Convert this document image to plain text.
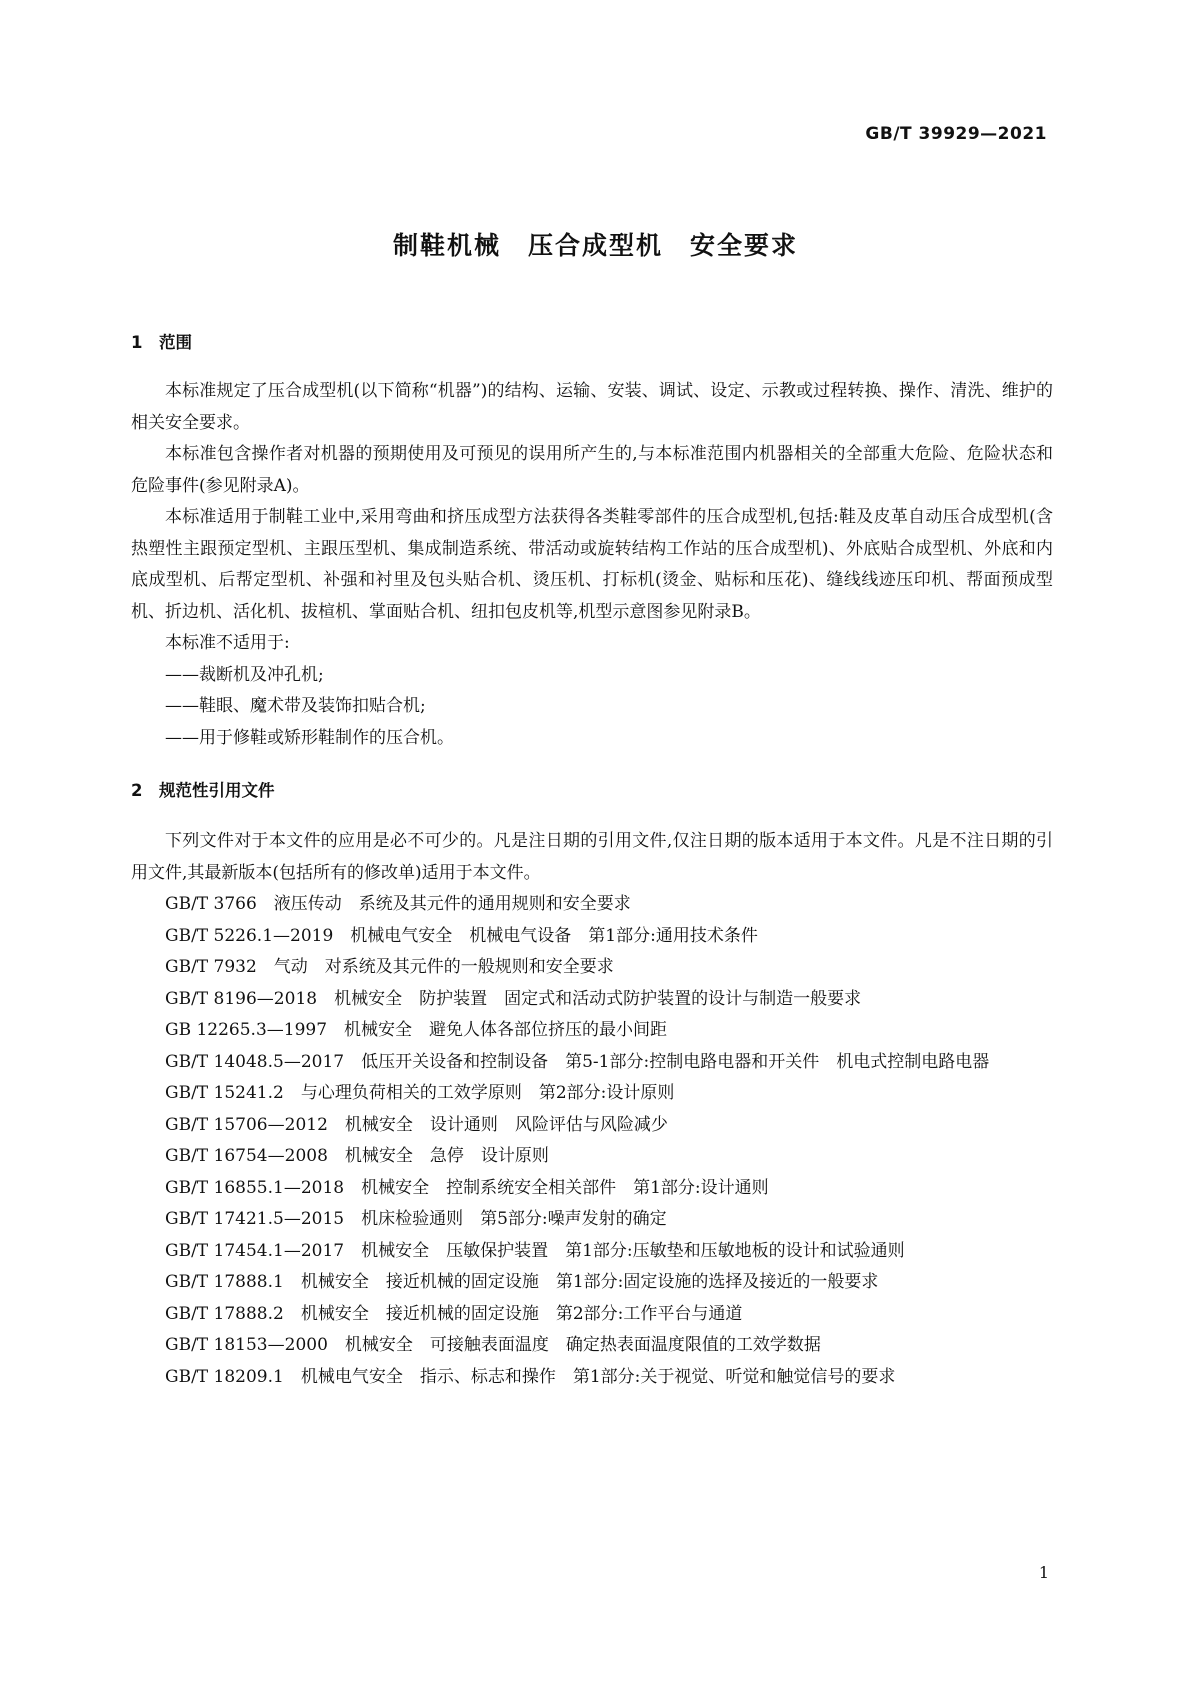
GB/T 39929—2021
制鞋机械　压合成型机　安全要求
1　范围

本标准规定了压合成型机(以下简称“机器”)的结构、运输、安装、调试、设定、示教或过程转换、操作、清洗、维护的相关安全要求。

本标准包含操作者对机器的预期使用及可预见的误用所产生的,与本标准范围内机器相关的全部重大危险、危险状态和危险事件(参见附录A)。

本标准适用于制鞋工业中,采用弯曲和挤压成型方法获得各类鞋零部件的压合成型机,包括:鞋及皮革自动压合成型机(含热塑性主跟预定型机、主跟压型机、集成制造系统、带活动或旋转结构工作站的压合成型机)、外底贴合成型机、外底和内底成型机、后帮定型机、补强和衬里及包头贴合机、烫压机、打标机(烫金、贴标和压花)、缝线线迹压印机、帮面预成型机、折边机、活化机、拔楦机、掌面贴合机、纽扣包皮机等,机型示意图参见附录B。

本标准不适用于:

——裁断机及冲孔机;

——鞋眼、魔术带及装饰扣贴合机;

——用于修鞋或矫形鞋制作的压合机。

2　规范性引用文件

下列文件对于本文件的应用是必不可少的。凡是注日期的引用文件,仅注日期的版本适用于本文件。凡是不注日期的引用文件,其最新版本(包括所有的修改单)适用于本文件。

GB/T 3766　液压传动　系统及其元件的通用规则和安全要求

GB/T 5226.1—2019　机械电气安全　机械电气设备　第1部分:通用技术条件

GB/T 7932　气动　对系统及其元件的一般规则和安全要求

GB/T 8196—2018　机械安全　防护装置　固定式和活动式防护装置的设计与制造一般要求

GB 12265.3—1997　机械安全　避免人体各部位挤压的最小间距

GB/T 14048.5—2017　低压开关设备和控制设备　第5-1部分:控制电路电器和开关件　机电式控制电路电器

GB/T 15241.2　与心理负荷相关的工效学原则　第2部分:设计原则

GB/T 15706—2012　机械安全　设计通则　风险评估与风险减少

GB/T 16754—2008　机械安全　急停　设计原则

GB/T 16855.1—2018　机械安全　控制系统安全相关部件　第1部分:设计通则

GB/T 17421.5—2015　机床检验通则　第5部分:噪声发射的确定

GB/T 17454.1—2017　机械安全　压敏保护装置　第1部分:压敏垫和压敏地板的设计和试验通则

GB/T 17888.1　机械安全　接近机械的固定设施　第1部分:固定设施的选择及接近的一般要求

GB/T 17888.2　机械安全　接近机械的固定设施　第2部分:工作平台与通道

GB/T 18153—2000　机械安全　可接触表面温度　确定热表面温度限值的工效学数据

GB/T 18209.1　机械电气安全　指示、标志和操作　第1部分:关于视觉、听觉和触觉信号的要求

1
